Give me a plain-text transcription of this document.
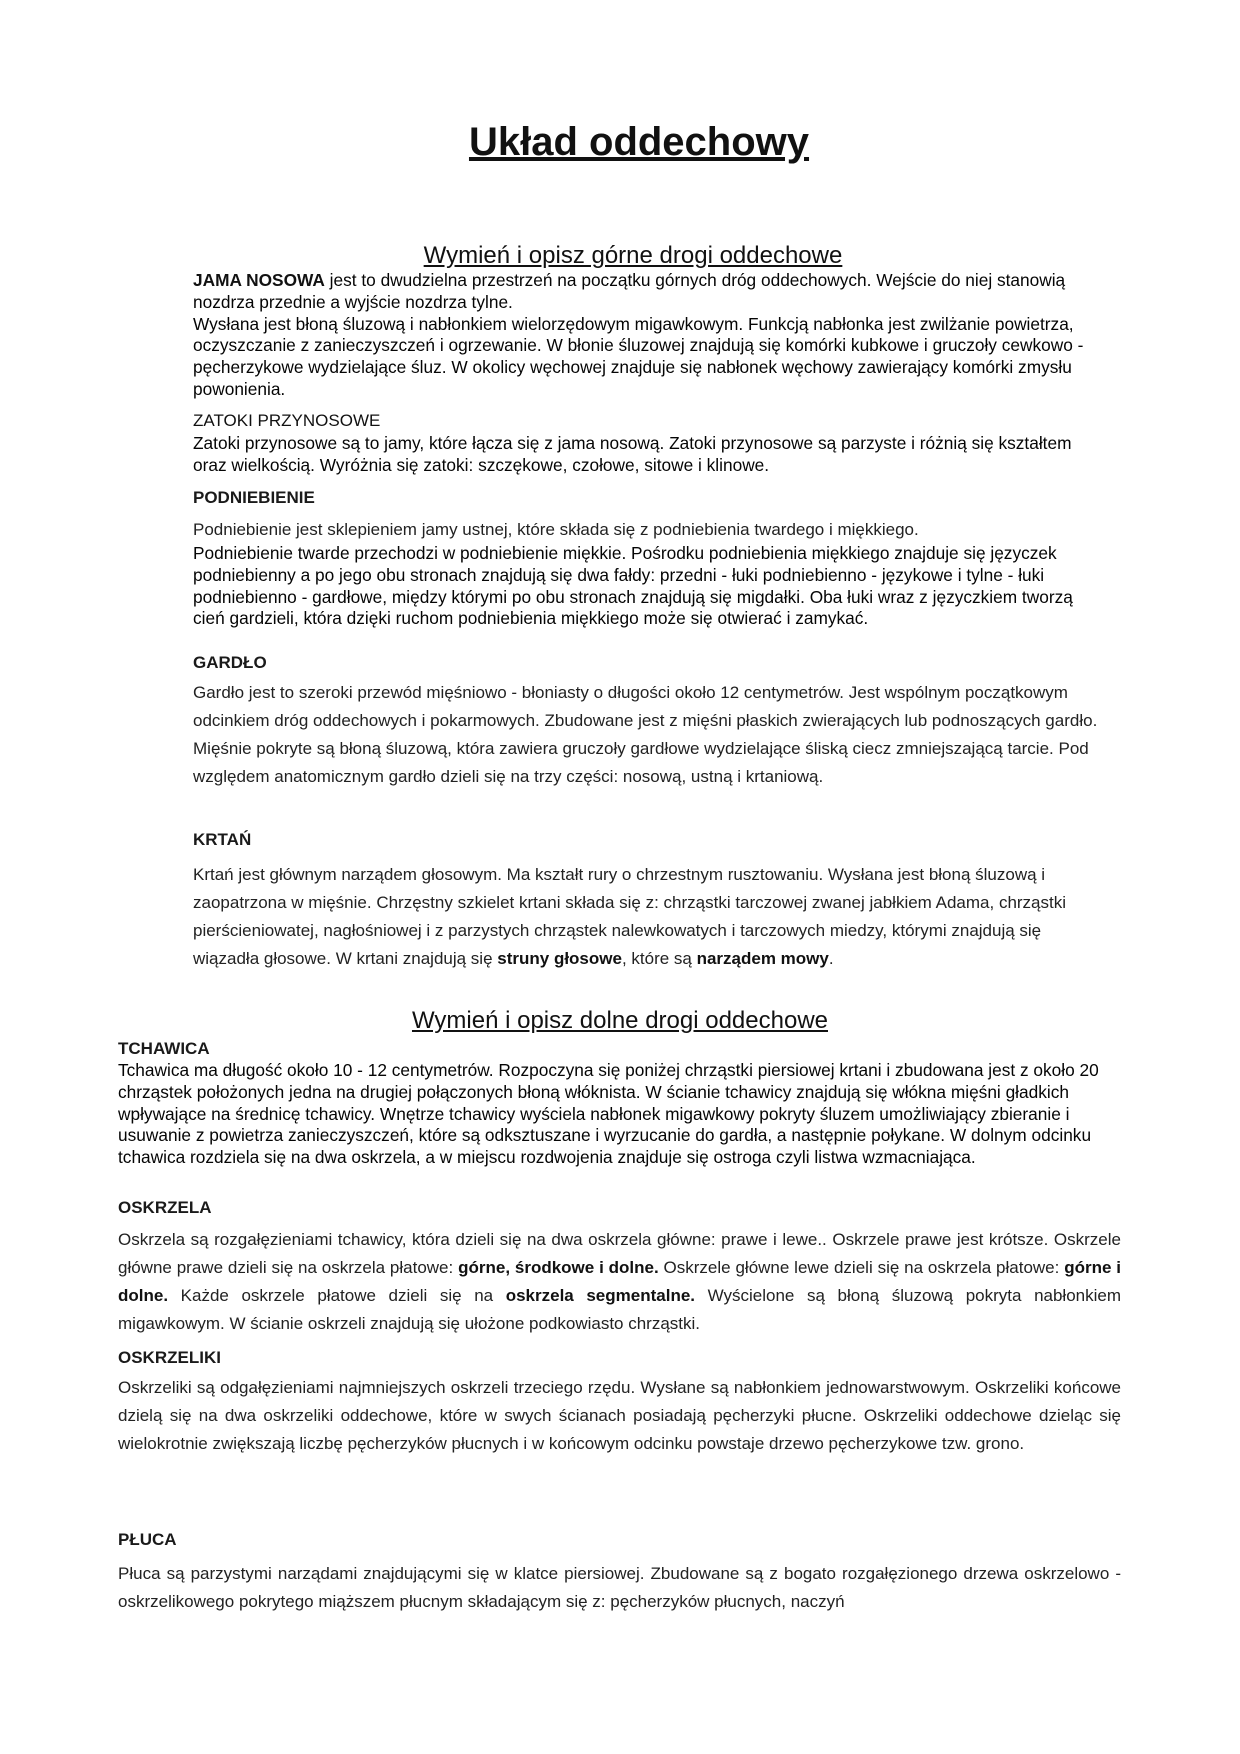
Układ oddechowy
Wymień i opisz górne drogi oddechowe

JAMA NOSOWA jest to dwudzielna przestrzeń na początku górnych dróg oddechowych. Wejście do niej stanowią nozdrza przednie a wyjście nozdrza tylne.

Wysłana jest błoną śluzową i nabłonkiem wielorzędowym migawkowym. Funkcją nabłonka jest zwilżanie powietrza, oczyszczanie z zanieczyszczeń i ogrzewanie. W błonie śluzowej znajdują się komórki kubkowe i gruczoły cewkowo - pęcherzykowe wydzielające śluz. W okolicy węchowej znajduje się nabłonek węchowy zawierający komórki zmysłu powonienia.

ZATOKI PRZYNOSOWE

Zatoki przynosowe są to jamy, które łącza się z jama nosową. Zatoki przynosowe są parzyste i różnią się kształtem oraz wielkością. Wyróżnia się zatoki: szczękowe, czołowe, sitowe i klinowe.

PODNIEBIENIE

Podniebienie jest sklepieniem jamy ustnej, które składa się z podniebienia twardego i miękkiego.

Podniebienie twarde przechodzi w podniebienie miękkie. Pośrodku podniebienia miękkiego znajduje się języczek podniebienny a po jego obu stronach znajdują się dwa fałdy: przedni - łuki podniebienno - językowe i tylne - łuki podniebienno - gardłowe, między którymi po obu stronach znajdują się migdałki. Oba łuki wraz z języczkiem tworzą cień gardzieli, która dzięki ruchom podniebienia miękkiego może się otwierać i zamykać.

GARDŁO

Gardło jest to szeroki przewód mięśniowo - błoniasty o długości około 12 centymetrów. Jest wspólnym początkowym odcinkiem dróg oddechowych i pokarmowych. Zbudowane jest z mięśni płaskich zwierających lub podnoszących gardło. Mięśnie pokryte są błoną śluzową, która zawiera gruczoły gardłowe wydzielające śliską ciecz zmniejszającą tarcie. Pod względem anatomicznym gardło dzieli się na trzy części: nosową, ustną i krtaniową.

KRTAŃ

Krtań jest głównym narządem głosowym. Ma kształt rury o chrzestnym rusztowaniu. Wysłana jest błoną śluzową i zaopatrzona w mięśnie. Chrzęstny szkielet krtani składa się z: chrząstki tarczowej zwanej jabłkiem Adama, chrząstki pierścieniowatej, nagłośniowej i z parzystych chrząstek nalewkowatych i tarczowych miedzy, którymi znajdują się wiązadła głosowe. W krtani znajdują się struny głosowe, które są narządem mowy.

Wymień i opisz dolne drogi oddechowe
TCHAWICA

Tchawica ma długość około 10 - 12 centymetrów. Rozpoczyna się poniżej chrząstki piersiowej krtani i zbudowana jest z około 20 chrząstek położonych jedna na drugiej połączonych błoną włóknista. W ścianie tchawicy znajdują się włókna mięśni gładkich wpływające na średnicę tchawicy. Wnętrze tchawicy wyściela nabłonek migawkowy pokryty śluzem umożliwiający zbieranie i usuwanie z powietrza zanieczyszczeń, które są odksztuszane i wyrzucanie do gardła, a następnie połykane. W dolnym odcinku tchawica rozdziela się na dwa oskrzela, a w miejscu rozdwojenia znajduje się ostroga czyli listwa wzmacniająca.

OSKRZELA

Oskrzela są rozgałęzieniami tchawicy, która dzieli się na dwa oskrzela główne: prawe i lewe.. Oskrzele prawe jest krótsze. Oskrzele główne prawe dzieli się na oskrzela płatowe: górne, środkowe i dolne. Oskrzele główne lewe dzieli się na oskrzela płatowe: górne i dolne. Każde oskrzele płatowe dzieli się na oskrzela segmentalne. Wyścielone są błoną śluzową pokryta nabłonkiem migawkowym. W ścianie oskrzeli znajdują się ułożone podkowiasto chrząstki.

OSKRZELIKI

Oskrzeliki są odgałęzieniami najmniejszych oskrzeli trzeciego rzędu. Wysłane są nabłonkiem jednowarstwowym. Oskrzeliki końcowe dzielą się na dwa oskrzeliki oddechowe, które w swych ścianach posiadają pęcherzyki płucne. Oskrzeliki oddechowe dzieląc się wielokrotnie zwiększają liczbę pęcherzyków płucnych i w końcowym odcinku powstaje drzewo pęcherzykowe tzw. grono.

PŁUCA

Płuca są parzystymi narządami znajdującymi się w klatce piersiowej. Zbudowane są z bogato rozgałęzionego drzewa oskrzelowo - oskrzelikowego pokrytego miąższem płucnym składającym się z: pęcherzyków płucnych, naczyń
